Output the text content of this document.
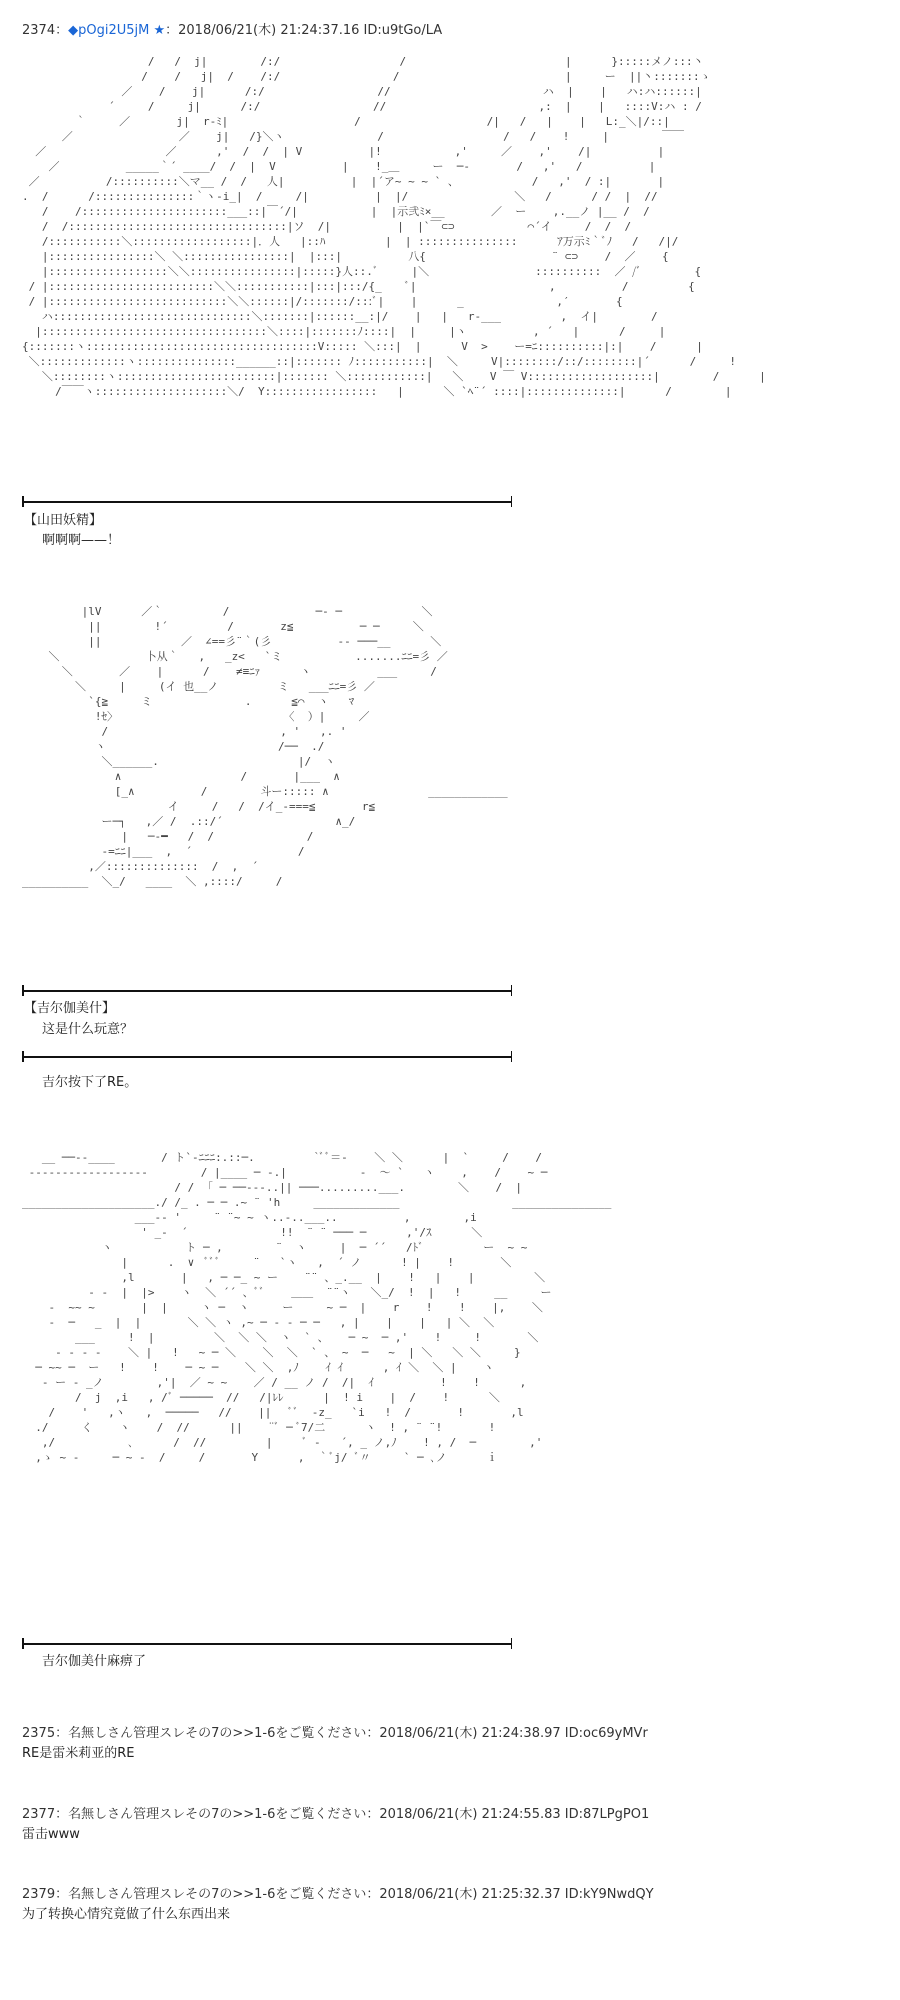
2374：◆pOgi2U5jM ★：2018/06/21(木) 21:24:37.16 ID:u9tGo/LA
/   /  j|        /:/                  /                        |      }:::::メノ:::丶
/    /   j|  /    /:/                 /                         |     ー  ||丶:::::::ゝ
／    /    j|      /:/                 //                       ハ  |    |   ハ:ハ::::::|
´     /     j|      /:/                 //                       ,:  |    |   ::::V:ハ : /
｀     ／       j|  r-ﾐ|                   /                   /|   /   |    |   L:_＼|/::|
／                ／    j|   /}＼ヽ              /                  /   /    !     |        ￣￣
／                  ／      ,'  /  /  | V          |!           ,'     ／    ,'    /|          |
／          _____｀´ ____/  /  |  V          |    !_＿     ー  ─-       /   ,'   /          |
／          /::::::::::＼マ__ /  /   人|          |  |´ア~ ~ ~ ` 、           /   ,'  / :|       |
.  /      /:::::::::::::::｀ヽ-i_|  /     /|          |  |/                ＼   /      / /  |  //
/    /::::::::::::::::::::::___::|￣´/|           |  |示弐ﾐ×__       ／  ー    ,.__ノ |__ /  /
/  /:::::::::::::::::::::::::::::::::|ソ  /|          |  |`￣⊂⊃           ⌒´イ     /  /  /
/:::::::::::＼::::::::::::::::::|．人   |::ﾊ         |  | :::::::::::::::      ｱ万示ﾐ｀ﾞﾉ   /   /|/
|::::::::::::::::＼ ＼::::::::::::::::|  |:::|          八{                   ¨ ⊂⊃    /  ／    {
|::::::::::::::::::＼＼::::::::::::::::|:::::}人::.ﾞ     |＼                ::::::::::  ／ /ﾞ        {
/ |:::::::::::::::::::::::::＼＼:::::::::::|:::|:::/{_    ﾞ|                    ,          /         {
/ |:::::::::::::::::::::::::::＼＼::::::|/:::::::/:::ﾞ|    |      _              ,′       {
ハ::::::::::::::::::::::::::::::＼:::::::|::::::__:|/    |   |   r-___         ,  イ|        /
|::::::::::::::::::::::::::::::::::＼::::|:::::::ﾉ::::|  |     |ヽ          , ´   |      /     |
{:::::::ヽ:::::::::::::::::::::::::::::::::::V::::: ＼:::|  |      V  >    ー=ﾆ::::::::::|:|    /      |
＼:::::::::::::ヽ:::::::::::::::______::|::::::: ﾉ:::::::::::|  ＼     V|::::::::/::/::::::::|´      /     !
＼::::::::ヽ::::::::::::::::::::::::|::::::: ＼::::::::::::|   ＼    V ￣ V:::::::::::::::::::|        /      |
/￣￣ヽ::::::::::::::::::::＼/  Y:::::::::::::::::   |      ＼ `ﾍ¨´ ::::|::::::::::::::|      /        |
【山田妖精】
啊啊啊——！
|lV      ／｀         /             ─- ─            ＼
||        !´         /       z≦          ─ ─     ＼
||            ／  ∠==彡¨｀(彡          -- ───__      ＼
＼             卜从｀   ,   _z<   `ミ           .......ﾆﾆ=彡 ／
＼       ／    |      /    ≠≡ﾆｧ      ヽ          ___     /
＼     |     (イ 也__ノ         ミ   ___ﾆﾆ=彡 ／
`{≧     ミ              .      ≦⌒  ヽ   ﾏ
!ｾ〉                         〈  ）|     ／
/                          , '   ,. '
ヽ                          /──  ./
＼______.                     |/  ヽ
∧                  /       |___  ∧
[_∧          /        斗ー::::: ∧               ____________
イ     /   /  /イ_-===≦       r≦
ー─┐   ,／ /  .::/´                 ∧_/
|   ─-━   /  /              /
-=ﾆﾆ|___  ,  ´                /
,／::::::::::::::  /  ,  ´
__________  ＼_/   ____  ＼ ,::::/     /
【吉尔伽美什】
这是什么玩意？
吉尔按下了RE。
__ ──‐‐____       / ト`-ﾆﾆﾆ:.::─.         `ﾞﾞ＝‐    ＼ ＼      |  `     /    /
‐‐‐‐‐‐‐‐‐‐‐‐‐‐‐‐‐‐        / |____ ─ ‐.|           ‐  ～ `   ヽ    ,    /    ~ ─
/ /  ｢ ─ ──‐‐‐..|| ───.........___.        ＼    /  |
____________________./ /_ . ─ ─ .~ ¨ 'h     _____________                 _______________
___-‐ '     ¨ ¨~ ~ ヽ..‐..___..          ,        ,i
' _-  ´              !!  ¨ ¨ ─── ─      ,'/ｽ      ＼
ヽ           ト ─ ,        ¨  ヽ     |  ─ ´´   /ﾄﾞ         ー  ~ ~
|      .  ∨  ﾞﾞﾞ     ¨   `ヽ   ,  ´ ノ      ! |    !       ＼
,l       |   , ─ ─_ ~ ー    ¨¨ 、_.__  |    !   |    |         ＼
‐ ‐  |  |>    ヽ  ＼ ´´ 、ﾞﾞ    ＿＿  ¨¨ヽ   ＼_/  !  |   !     __     ー
‐  ~~ ~       |  |     ヽ ─  ヽ     ー     ~ ─  |    r    !    !    |,    ＼
‐  ─   _  |  |       ＼ ＼ ヽ ,~ ─ ‐ ‐ ─ ─   , |    |    |   | ＼  ＼
___     !  |         ＼  ＼ ＼  ヽ  ` 、   ─ ~  ─ ,'    !     !       ＼
‐ ‐ ‐ ‐    ＼ |   !   ~ ─ ＼    ＼  ＼  ` 、 ~  ─   ~  | ＼   ＼ ＼     }
─ ~~ ─  ー   !    !    ─ ~ ─    ＼ ＼  ,ﾉ    ｲ ｲ      , ｲ ＼  ＼ |    ヽ
‐ ー ‐ _ノ        ,'|  ／ ~ ~    ／ / __ ノ /  /|  ｲ          !    !      ,
/  j  ,i   , /ﾞ ─────  //   /|ﾚﾚ      |  ! i    |  /    !      ＼
/    '   ,ヽ   ,  ─────   //    ||   ﾞﾞ  -z_   `i   !  /       !       ,l
./     く    ヽ    /  //      ||    ¨ﾞ ─ ﾞ7/二      ヽ  ! , ¨ ¨!       !
,/           ､      /  //         |     ﾞ ‐   ´, _ ノ,ﾉ    ! , /  ─        ,'
,ゝ ~ ‐     ─ ~ ‐  /     /       Y      ,  ｀ﾞj/ ﾞ〃     ` ─ ､ノ      ｉ
吉尔伽美什麻痹了
2375：名無しさん管理スレその7の>>1-6をご覧ください：2018/06/21(木) 21:24:38.97 ID:oc69yMVr
RE是雷米莉亚的RE
2377：名無しさん管理スレその7の>>1-6をご覧ください：2018/06/21(木) 21:24:55.83 ID:87LPgPO1
雷击www
2379：名無しさん管理スレその7の>>1-6をご覧ください：2018/06/21(木) 21:25:32.37 ID:kY9NwdQY
为了转换心情究竟做了什么东西出来
